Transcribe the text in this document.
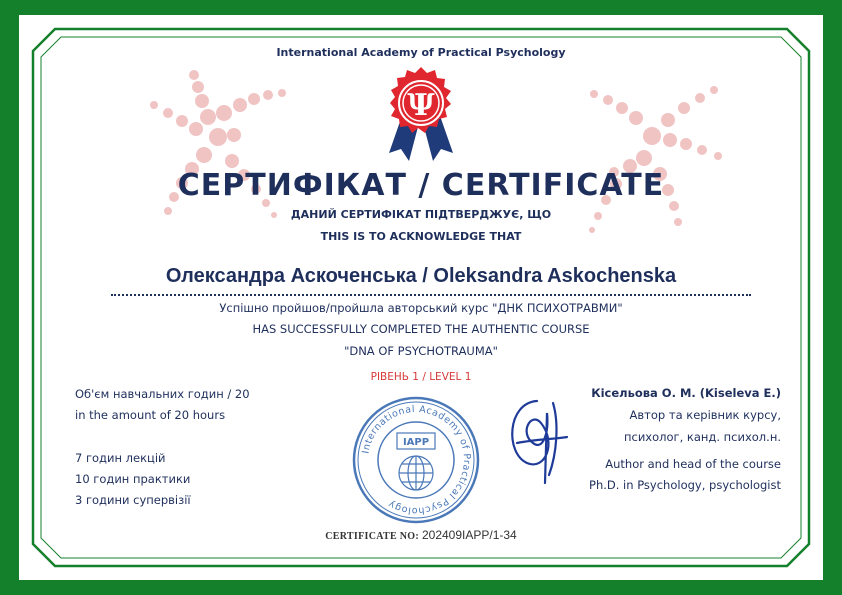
International Academy of Practical Psychology
Ψ
СЕРТИФІКАТ / CERTIFICATE
ДАНИЙ СЕРТИФІКАТ ПІДТВЕРДЖУЄ, ЩО
THIS IS TO ACKNOWLEDGE THAT
Олександра Аскоченська / Oleksandra Askochenska
Успішно пройшов/пройшла авторський курс "ДНК ПСИХОТРАВМИ"
HAS SUCCESSFULLY COMPLETED THE AUTHENTIC COURSE
"DNA OF PSYCHOTRAUMA"
РІВЕНЬ 1 / LEVEL 1
Об'єм навчальних годин / 20
in the amount of 20 hours
7 годин лекцій
10 годин практики
3 години супервізії
International Academy of Practical Psychology
IAPP
Кісельова О. М. (Kiseleva E.)
Автор та керівник курсу,
психолог, канд. психол.н.
Author and head of the course
Ph.D. in Psychology, psychologist
CERTIFICATE NO: 202409IAPP/1-34
